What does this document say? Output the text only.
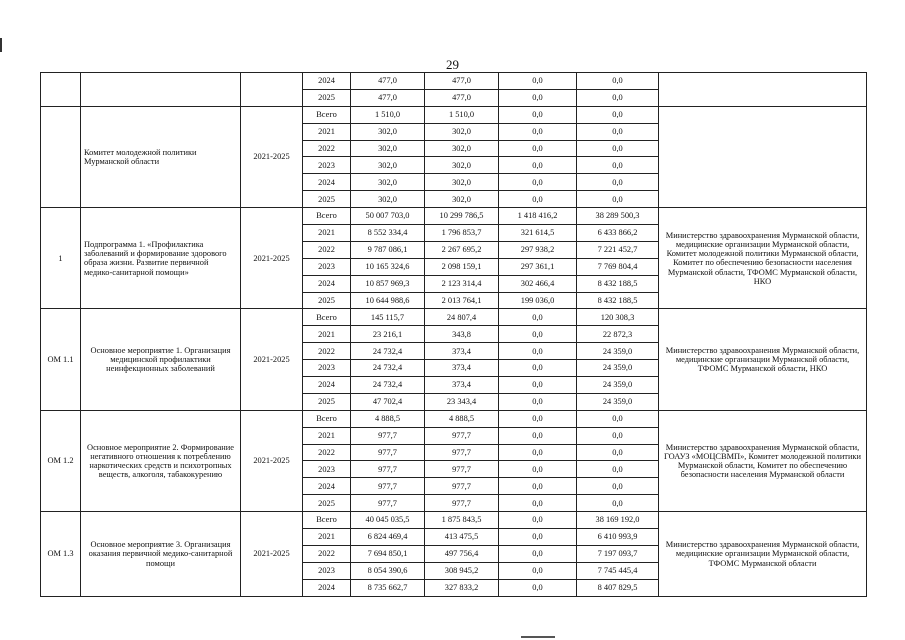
29
			2024	477,0	477,0	0,0	0,0	
			2025	477,0	477,0	0,0	0,0	
	Комитет молодежной политики Мурманской области	2021-2025	Всего	1 510,0	1 510,0	0,0	0,0	
			2021	302,0	302,0	0,0	0,0	
			2022	302,0	302,0	0,0	0,0	
			2023	302,0	302,0	0,0	0,0	
			2024	302,0	302,0	0,0	0,0	
			2025	302,0	302,0	0,0	0,0	
1	Подпрограмма 1. «Профилактика заболеваний и формирование здорового образа жизни. Развитие первичной медико-санитарной помощи»	2021-2025	Всего	50 007 703,0	10 299 786,5	1 418 416,2	38 289 500,3	Министерство здравоохранения Мурманской области, медицинские организации Мурманской области, Комитет молодежной политики Мурманской области, Комитет по обеспечению безопасности населения Мурманской области, ТФОМС Мурманской области, НКО
			2021	8 552 334,4	1 796 853,7	321 614,5	6 433 866,2	
			2022	9 787 086,1	2 267 695,2	297 938,2	7 221 452,7	
			2023	10 165 324,6	2 098 159,1	297 361,1	7 769 804,4	
			2024	10 857 969,3	2 123 314,4	302 466,4	8 432 188,5	
			2025	10 644 988,6	2 013 764,1	199 036,0	8 432 188,5	
ОМ 1.1	Основное мероприятие 1. Организация медицинской профилактики неинфекционных заболеваний	2021-2025	Всего	145 115,7	24 807,4	0,0	120 308,3	Министерство здравоохранения Мурманской области, медицинские организации Мурманской области, ТФОМС Мурманской области, НКО
			2021	23 216,1	343,8	0,0	22 872,3	
			2022	24 732,4	373,4	0,0	24 359,0	
			2023	24 732,4	373,4	0,0	24 359,0	
			2024	24 732,4	373,4	0,0	24 359,0	
			2025	47 702,4	23 343,4	0,0	24 359,0	
ОМ 1.2	Основное мероприятие 2. Формирование негативного отношения к потреблению наркотических средств и психотропных веществ, алкоголя, табакокурению	2021-2025	Всего	4 888,5	4 888,5	0,0	0,0	Министерство здравоохранения Мурманской области, ГОАУЗ «МОЦСВМП», Комитет молодежной политики Мурманской области, Комитет по обеспечению безопасности населения Мурманской области
			2021	977,7	977,7	0,0	0,0	
			2022	977,7	977,7	0,0	0,0	
			2023	977,7	977,7	0,0	0,0	
			2024	977,7	977,7	0,0	0,0	
			2025	977,7	977,7	0,0	0,0	
ОМ 1.3	Основное мероприятие 3. Организация оказания первичной медико-санитарной помощи	2021-2025	Всего	40 045 035,5	1 875 843,5	0,0	38 169 192,0	Министерство здравоохранения Мурманской области, медицинские организации Мурманской области, ТФОМС Мурманской области
			2021	6 824 469,4	413 475,5	0,0	6 410 993,9	
			2022	7 694 850,1	497 756,4	0,0	7 197 093,7	
			2023	8 054 390,6	308 945,2	0,0	7 745 445,4	
			2024	8 735 662,7	327 833,2	0,0	8 407 829,5	
